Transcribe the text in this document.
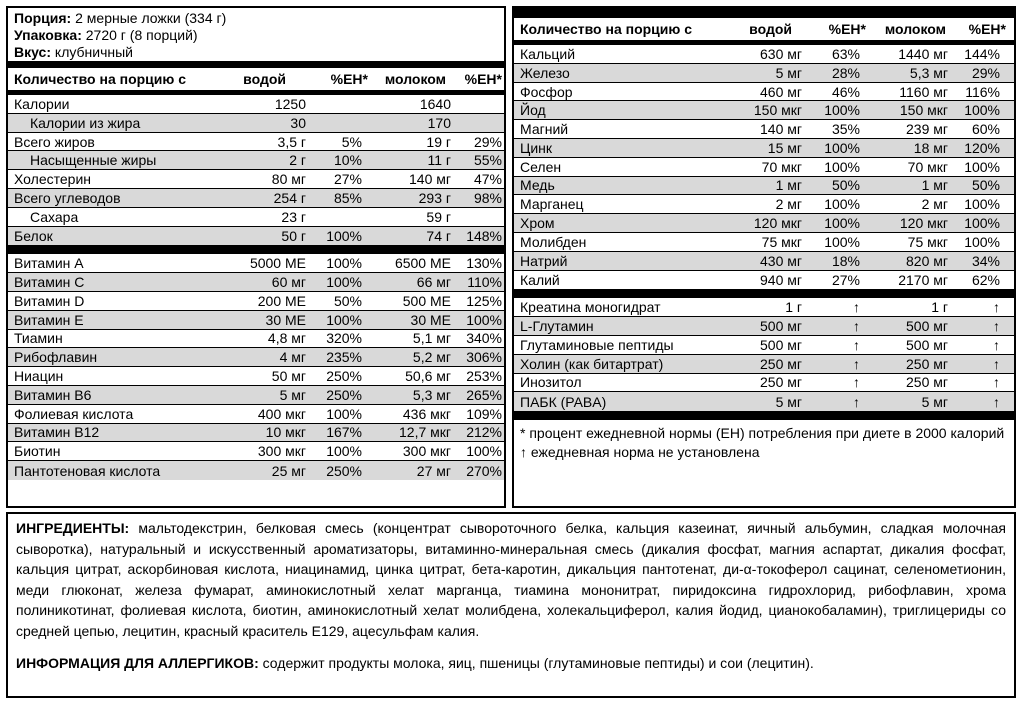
Порция: 2 мерные ложки (334 г)
Упаковка: 2720 г (8 порций)
Вкус: клубничный
Количество на порцию с	водой	%ЕН*	молоком	%ЕН*
Калории	1250	1640
Калории из жира	30	170
Всего жиров	3,5 г	5%	19 г	29%
Насыщенные жиры	2 г	10%	11 г	55%
Холестерин	80 мг	27%	140 мг	47%
Всего углеводов	254 г	85%	293 г	98%
Сахара	23 г	59 г
Белок	50 г	100%	74 г	148%
Витамин А	5000 МЕ	100%	6500 МЕ	130%
Витамин С	60 мг	100%	66 мг	110%
Витамин D	200 МЕ	50%	500 МЕ	125%
Витамин Е	30 МЕ	100%	30 МЕ	100%
Тиамин	4,8 мг	320%	5,1 мг	340%
Рибофлавин	4 мг	235%	5,2 мг	306%
Ниацин	50 мг	250%	50,6 мг	253%
Витамин В6	5 мг	250%	5,3 мг	265%
Фолиевая кислота	400 мкг	100%	436 мкг	109%
Витамин В12	10 мкг	167%	12,7 мкг	212%
Биотин	300 мкг	100%	300 мкг	100%
Пантотеновая кислота	25 мг	250%	27 мг	270%
Количество на порцию с	водой	%ЕН*	молоком	%ЕН*
Кальций	630 мг	63%	1440 мг	144%
Железо	5 мг	28%	5,3 мг	29%
Фосфор	460 мг	46%	1160 мг	116%
Йод	150 мкг	100%	150 мкг	100%
Магний	140 мг	35%	239 мг	60%
Цинк	15 мг	100%	18 мг	120%
Селен	70 мкг	100%	70 мкг	100%
Медь	1 мг	50%	1 мг	50%
Марганец	2 мг	100%	2 мг	100%
Хром	120 мкг	100%	120 мкг	100%
Молибден	75 мкг	100%	75 мкг	100%
Натрий	430 мг	18%	820 мг	34%
Калий	940 мг	27%	2170 мг	62%
Креатина моногидрат	1 г	↑	1 г	↑
L-Глутамин	500 мг	↑	500 мг	↑
Глутаминовые пептиды	500 мг	↑	500 мг	↑
Холин (как битартрат)	250 мг	↑	250 мг	↑
Инозитол	250 мг	↑	250 мг	↑
ПАБК (PABA)	5 мг	↑	5 мг	↑
* процент ежедневной нормы (ЕН) потребления при диете в 2000 калорий
↑ ежедневная норма не установлена
ИНГРЕДИЕНТЫ: мальтодекстрин, белковая смесь (концентрат сывороточного белка, кальция казеинат, яичный альбумин, сладкая молочная сыворотка), натуральный и искусственный ароматизаторы, витаминно-минеральная смесь (дикалия фосфат, магния аспартат, дикалия фосфат, кальция цитрат, аскорбиновая кислота, ниацинамид, цинка цитрат, бета-каротин, дикальция пантотенат, ди-α-токоферол сацинат, селенометионин, меди глюконат, железа фумарат, аминокислотный хелат марганца, тиамина мононитрат, пиридоксина гидрохлорид, рибофлавин, хрома полиникотинат, фолиевая кислота, биотин, аминокислотный хелат молибдена, холекальциферол, калия йодид, цианокобаламин), триглицериды со средней цепью, лецитин, красный краситель Е129, ацесульфам калия.
ИНФОРМАЦИЯ ДЛЯ АЛЛЕРГИКОВ: содержит продукты молока, яиц, пшеницы (глутаминовые пептиды) и сои (лецитин).
